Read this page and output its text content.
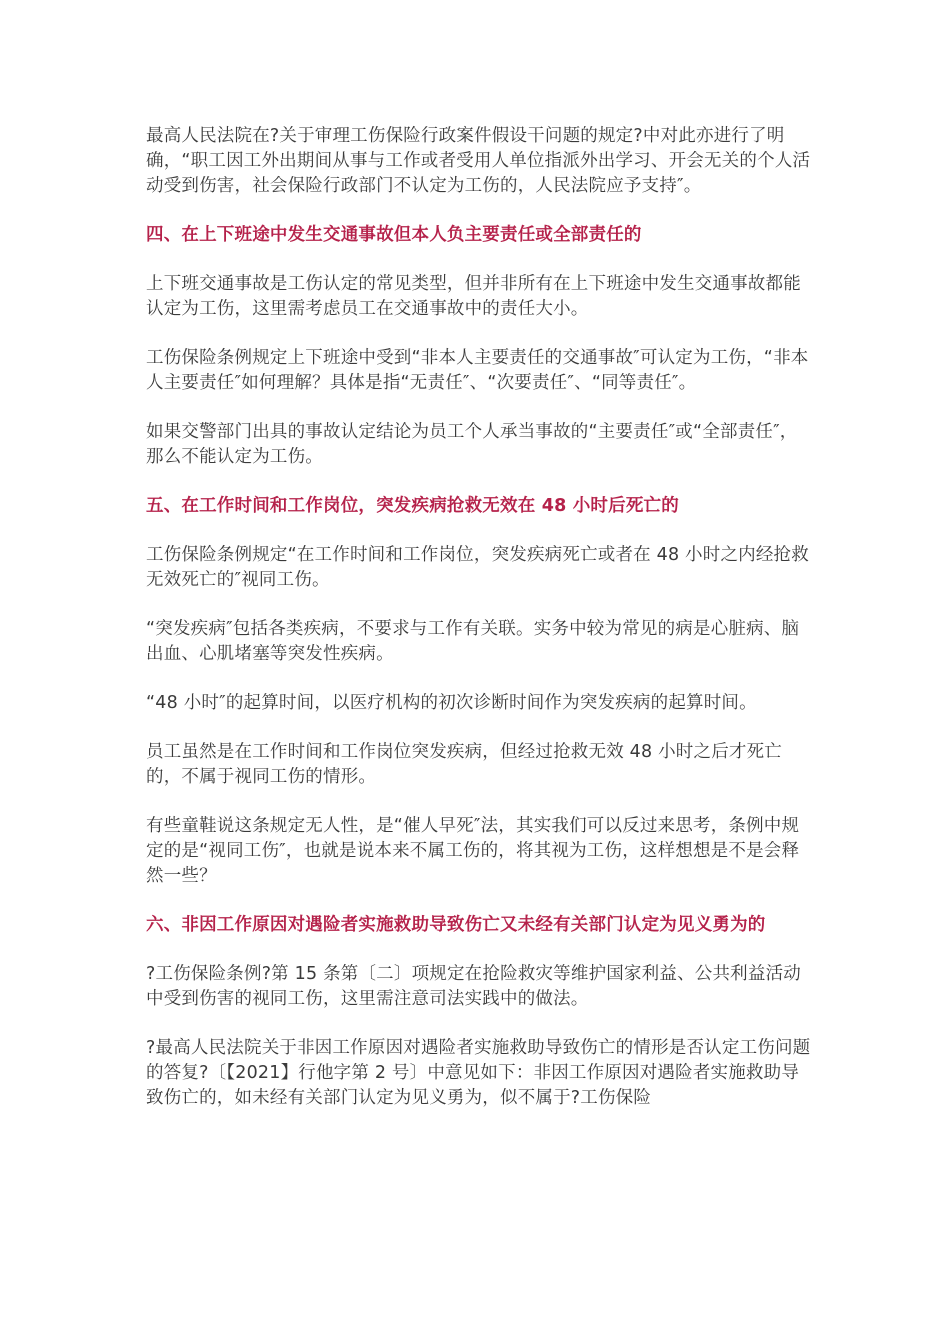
最高人民法院在?关于审理工伤保险行政案件假设干问题的规定?中对此亦进行了明确，“职工因工外出期间从事与工作或者受用人单位指派外出学习、开会无关的个人活动受到伤害，社会保险行政部门不认定为工伤的，人民法院应予支持″。

四、在上下班途中发生交通事故但本人负主要责任或全部责任的

上下班交通事故是工伤认定的常见类型，但并非所有在上下班途中发生交通事故都能认定为工伤，这里需考虑员工在交通事故中的责任大小。

工伤保险条例规定上下班途中受到“非本人主要责任的交通事故″可认定为工伤，“非本人主要责任″如何理解？具体是指“无责任″、“次要责任″、“同等责任″。

如果交警部门出具的事故认定结论为员工个人承当事故的“主要责任″或“全部责任″，那么不能认定为工伤。

五、在工作时间和工作岗位，突发疾病抢救无效在 48 小时后死亡的

工伤保险条例规定“在工作时间和工作岗位，突发疾病死亡或者在 48 小时之内经抢救无效死亡的″视同工伤。

“突发疾病″包括各类疾病，不要求与工作有关联。实务中较为常见的病是心脏病、脑出血、心肌堵塞等突发性疾病。

“48 小时″的起算时间，以医疗机构的初次诊断时间作为突发疾病的起算时间。

员工虽然是在工作时间和工作岗位突发疾病，但经过抢救无效 48 小时之后才死亡的，不属于视同工伤的情形。

有些童鞋说这条规定无人性，是“催人早死″法，其实我们可以反过来思考，条例中规定的是“视同工伤″，也就是说本来不属工伤的，将其视为工伤，这样想想是不是会释然一些？

六、非因工作原因对遇险者实施救助导致伤亡又未经有关部门认定为见义勇为的

?工伤保险条例?第 15 条第〔二〕项规定在抢险救灾等维护国家利益、公共利益活动中受到伤害的视同工伤，这里需注意司法实践中的做法。

?最高人民法院关于非因工作原因对遇险者实施救助导致伤亡的情形是否认定工伤问题的答复?〔【2021】行他字第 2 号〕中意见如下：非因工作原因对遇险者实施救助导致伤亡的，如未经有关部门认定为见义勇为，似不属于?工伤保险
